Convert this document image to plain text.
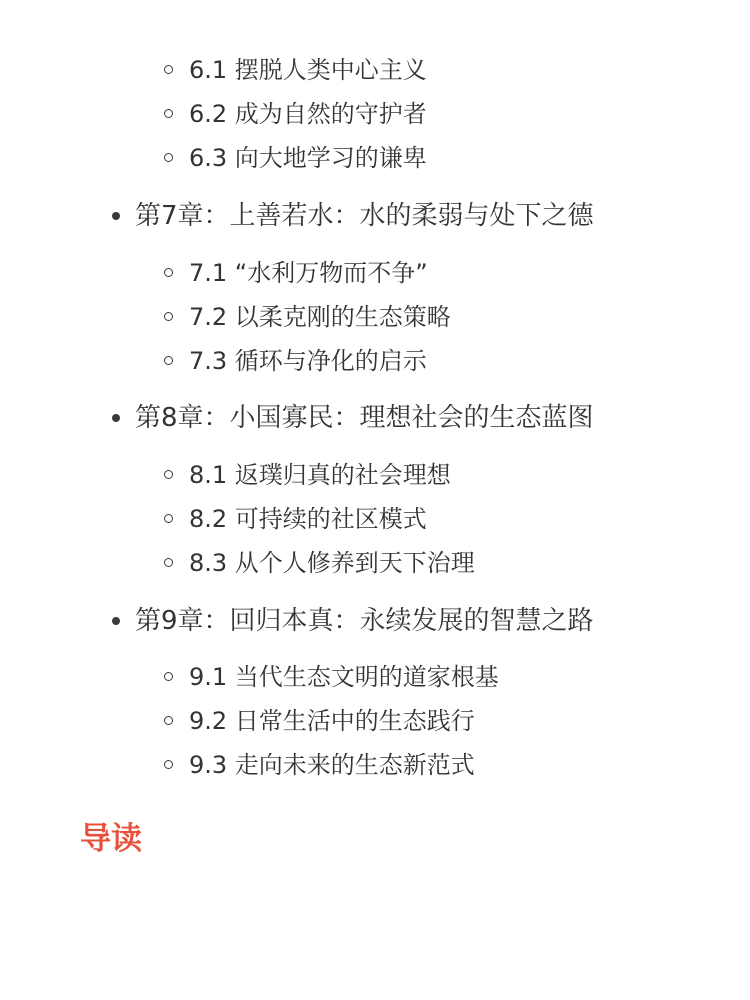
6.1 摆脱人类中心主义
6.2 成为自然的守护者
6.3 向大地学习的谦卑
第7章：上善若水：水的柔弱与处下之德
7.1 “水利万物而不争”
7.2 以柔克刚的生态策略
7.3 循环与净化的启示
第8章：小国寡民：理想社会的生态蓝图
8.1 返璞归真的社会理想
8.2 可持续的社区模式
8.3 从个人修养到天下治理
第9章：回归本真：永续发展的智慧之路
9.1 当代生态文明的道家根基
9.2 日常生活中的生态践行
9.3 走向未来的生态新范式
导读
